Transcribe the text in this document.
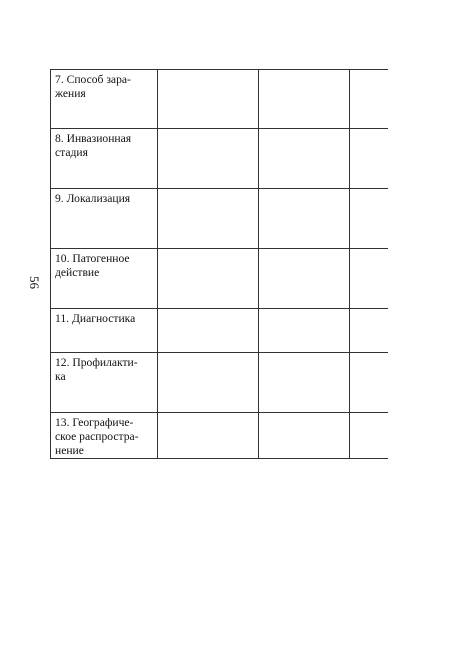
56
7. Способ зара-
жения			
8. Инвазионная
стадия			
9. Локализация			
10. Патогенное
действие			
11. Диагностика			
12. Профилакти-
ка			
13. Географиче-
ское распростра-
нение			
